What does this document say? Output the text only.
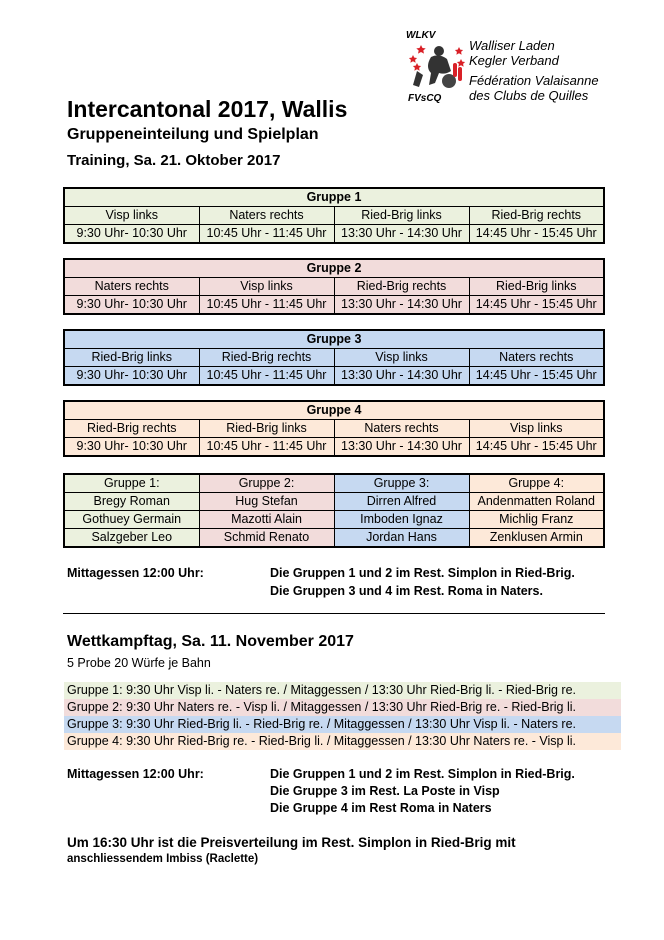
WLKV
FVsCQ
Walliser Laden
Kegler Verband
Fédération Valaisanne
des Clubs de Quilles
Intercantonal 2017, Wallis
Gruppeneinteilung und Spielplan
Training, Sa. 21. Oktober 2017
Gruppe 1			
Visp links	Naters rechts	Ried-Brig links	Ried-Brig rechts
9:30 Uhr- 10:30 Uhr	10:45 Uhr - 11:45 Uhr	13:30 Uhr - 14:30 Uhr	14:45 Uhr - 15:45 Uhr
Gruppe 2			
Naters rechts	Visp links	Ried-Brig rechts	Ried-Brig links
9:30 Uhr- 10:30 Uhr	10:45 Uhr - 11:45 Uhr	13:30 Uhr - 14:30 Uhr	14:45 Uhr - 15:45 Uhr
Gruppe 3			
Ried-Brig links	Ried-Brig rechts	Visp links	Naters rechts
9:30 Uhr- 10:30 Uhr	10:45 Uhr - 11:45 Uhr	13:30 Uhr - 14:30 Uhr	14:45 Uhr - 15:45 Uhr
Gruppe 4			
Ried-Brig rechts	Ried-Brig links	Naters rechts	Visp links
9:30 Uhr- 10:30 Uhr	10:45 Uhr - 11:45 Uhr	13:30 Uhr - 14:30 Uhr	14:45 Uhr - 15:45 Uhr
Gruppe 1:	Gruppe 2:	Gruppe 3:	Gruppe 4:
Bregy Roman	Hug Stefan	Dirren Alfred	Andenmatten Roland
Gothuey Germain	Mazotti Alain	Imboden Ignaz	Michlig Franz
Salzgeber Leo	Schmid Renato	Jordan Hans	Zenklusen Armin
Mittagessen 12:00 Uhr:	Die Gruppen 1 und 2 im Rest. Simplon in Ried-Brig.
Die Gruppen 3 und 4 im Rest. Roma in Naters.
Wettkampftag, Sa. 11. November 2017
5 Probe 20 Würfe je Bahn
Gruppe 1: 9:30 Uhr Visp li. - Naters re. / Mitaggessen / 13:30 Uhr Ried-Brig li. - Ried-Brig re.
Gruppe 2: 9:30 Uhr Naters re. - Visp li. / Mitaggessen / 13:30 Uhr Ried-Brig re. - Ried-Brig li.
Gruppe 3: 9:30 Uhr Ried-Brig li. - Ried-Brig re. / Mitaggessen / 13:30 Uhr Visp li. - Naters re.
Gruppe 4: 9:30 Uhr Ried-Brig re. - Ried-Brig li. / Mitaggessen / 13:30 Uhr Naters re. - Visp li.
Mittagessen 12:00 Uhr:	Die Gruppen 1 und 2 im Rest. Simplon in Ried-Brig.
Die Gruppe 3 im Rest. La Poste in Visp
Die Gruppe 4 im Rest Roma in Naters
Um 16:30 Uhr ist die Preisverteilung im Rest. Simplon in Ried-Brig mit
anschliessendem Imbiss (Raclette)
